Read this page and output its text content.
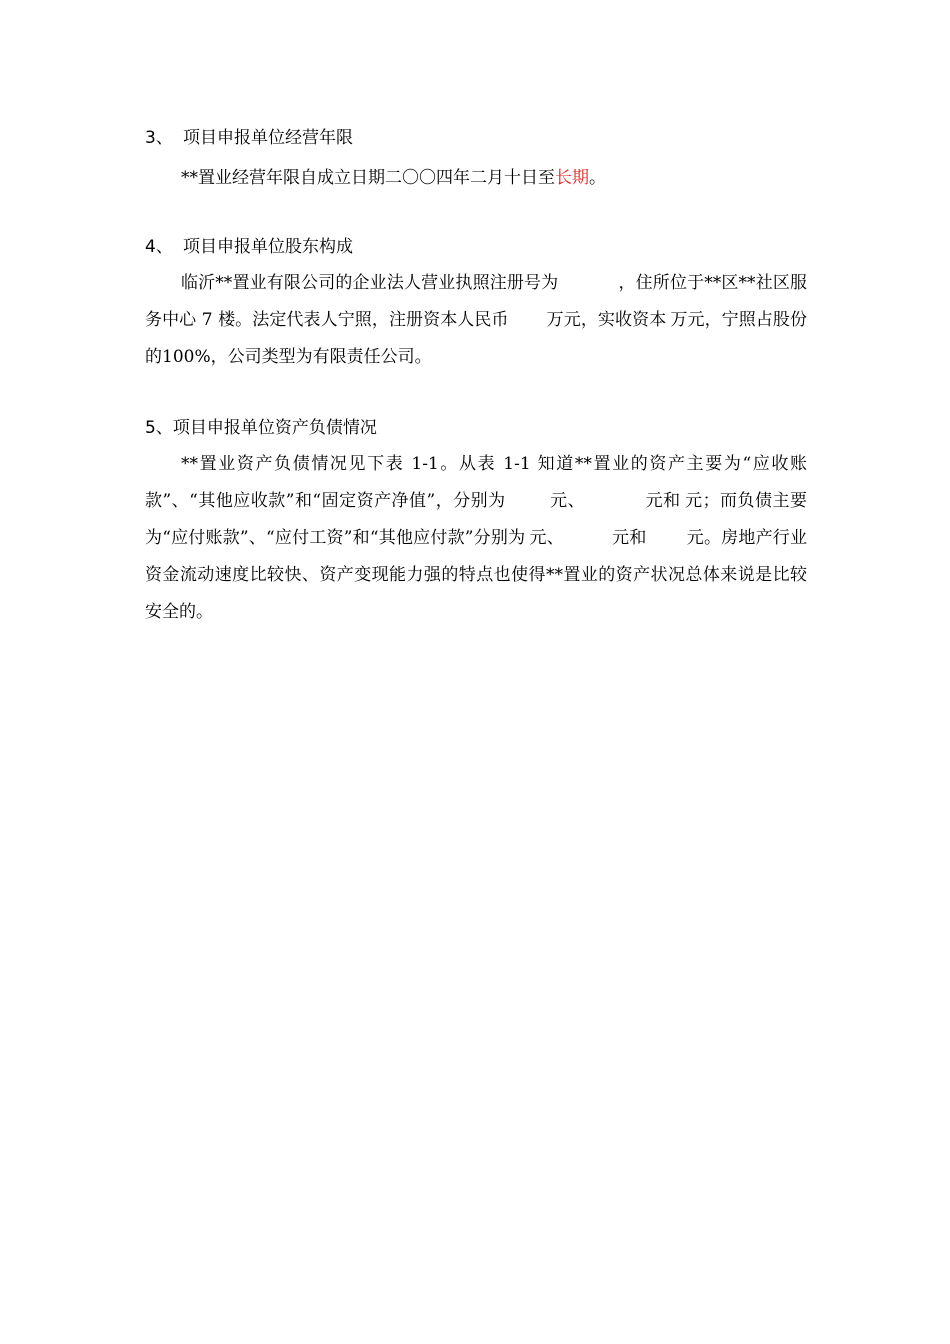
3、 项目申报单位经营年限
**置业经营年限自成立日期二〇〇四年二月十日至长期。
4、 项目申报单位股东构成
临沂**置业有限公司的企业法人营业执照注册号为	，住所位于**区**社区服务中心 7 楼。法定代表人宁照，注册资本人民币 万元，实收资本 万元，宁照占股份的100%，公司类型为有限责任公司。
5、项目申报单位资产负债情况
**置业资产负债情况见下表 1-1。从表 1-1 知道**置业的资产主要为“应收账款”、“其他应收款”和“固定资产净值”，分别为	元、	元和 元；而负债主要为“应付账款”、“应付工资”和“其他应付款”分别为 元、	元和 元。房地产行业资金流动速度比较快、资产变现能力强的特点也使得**置业的资产状况总体来说是比较安全的。
